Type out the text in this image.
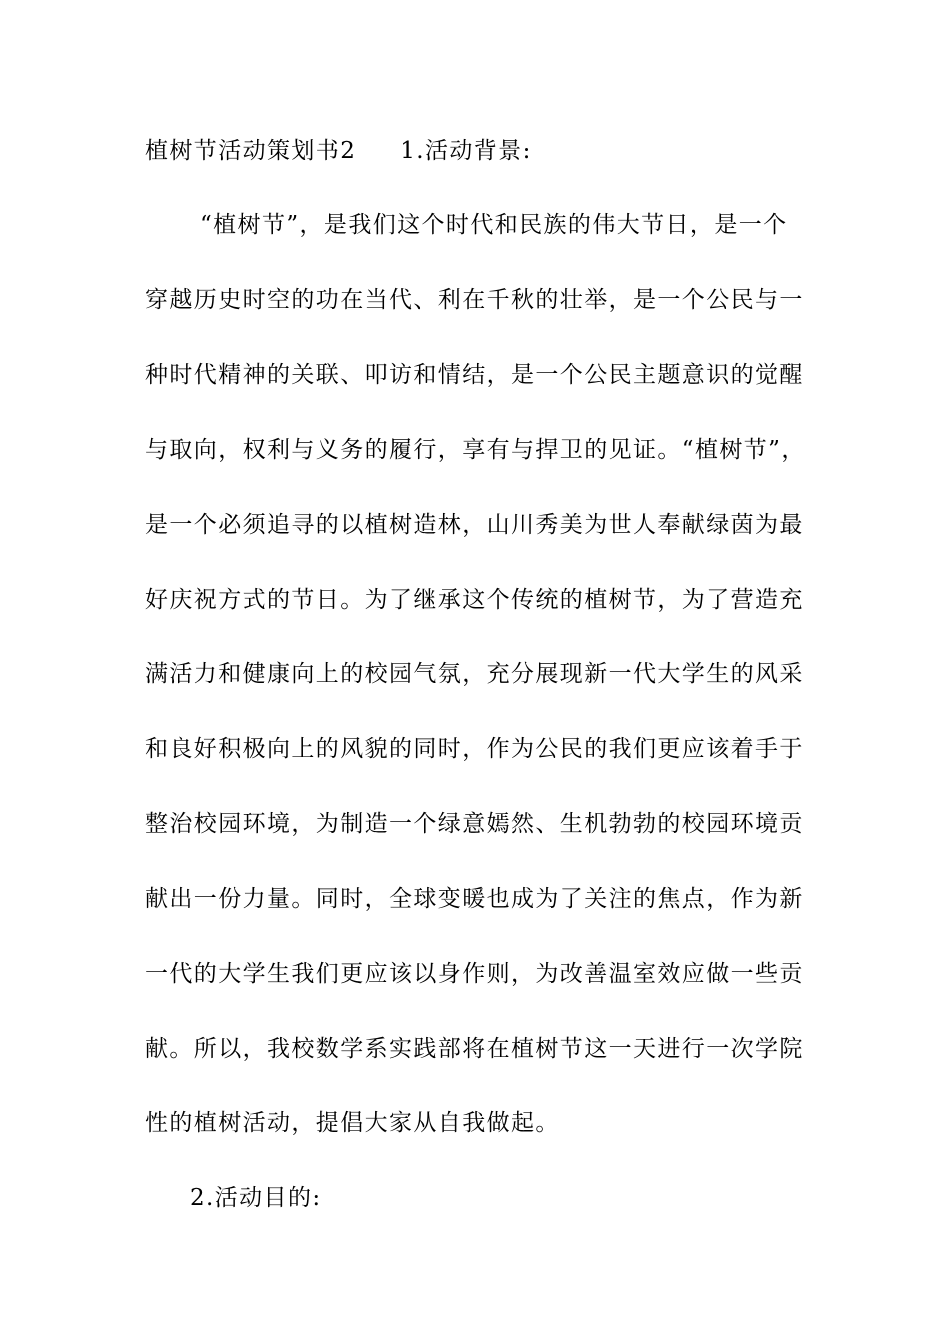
植树节活动策划书2 1.活动背景:
“植树节”，是我们这个时代和民族的伟大节日，是一个
穿越历史时空的功在当代、利在千秋的壮举，是一个公民与一
种时代精神的关联、叩访和情结，是一个公民主题意识的觉醒
与取向，权利与义务的履行，享有与捍卫的见证。“植树节”，
是一个必须追寻的以植树造林，山川秀美为世人奉献绿茵为最
好庆祝方式的节日。为了继承这个传统的植树节，为了营造充
满活力和健康向上的校园气氛，充分展现新一代大学生的风采
和良好积极向上的风貌的同时，作为公民的我们更应该着手于
整治校园环境，为制造一个绿意嫣然、生机勃勃的校园环境贡
献出一份力量。同时，全球变暖也成为了关注的焦点，作为新
一代的大学生我们更应该以身作则，为改善温室效应做一些贡
献。所以，我校数学系实践部将在植树节这一天进行一次学院
性的植树活动，提倡大家从自我做起。
2.活动目的:
